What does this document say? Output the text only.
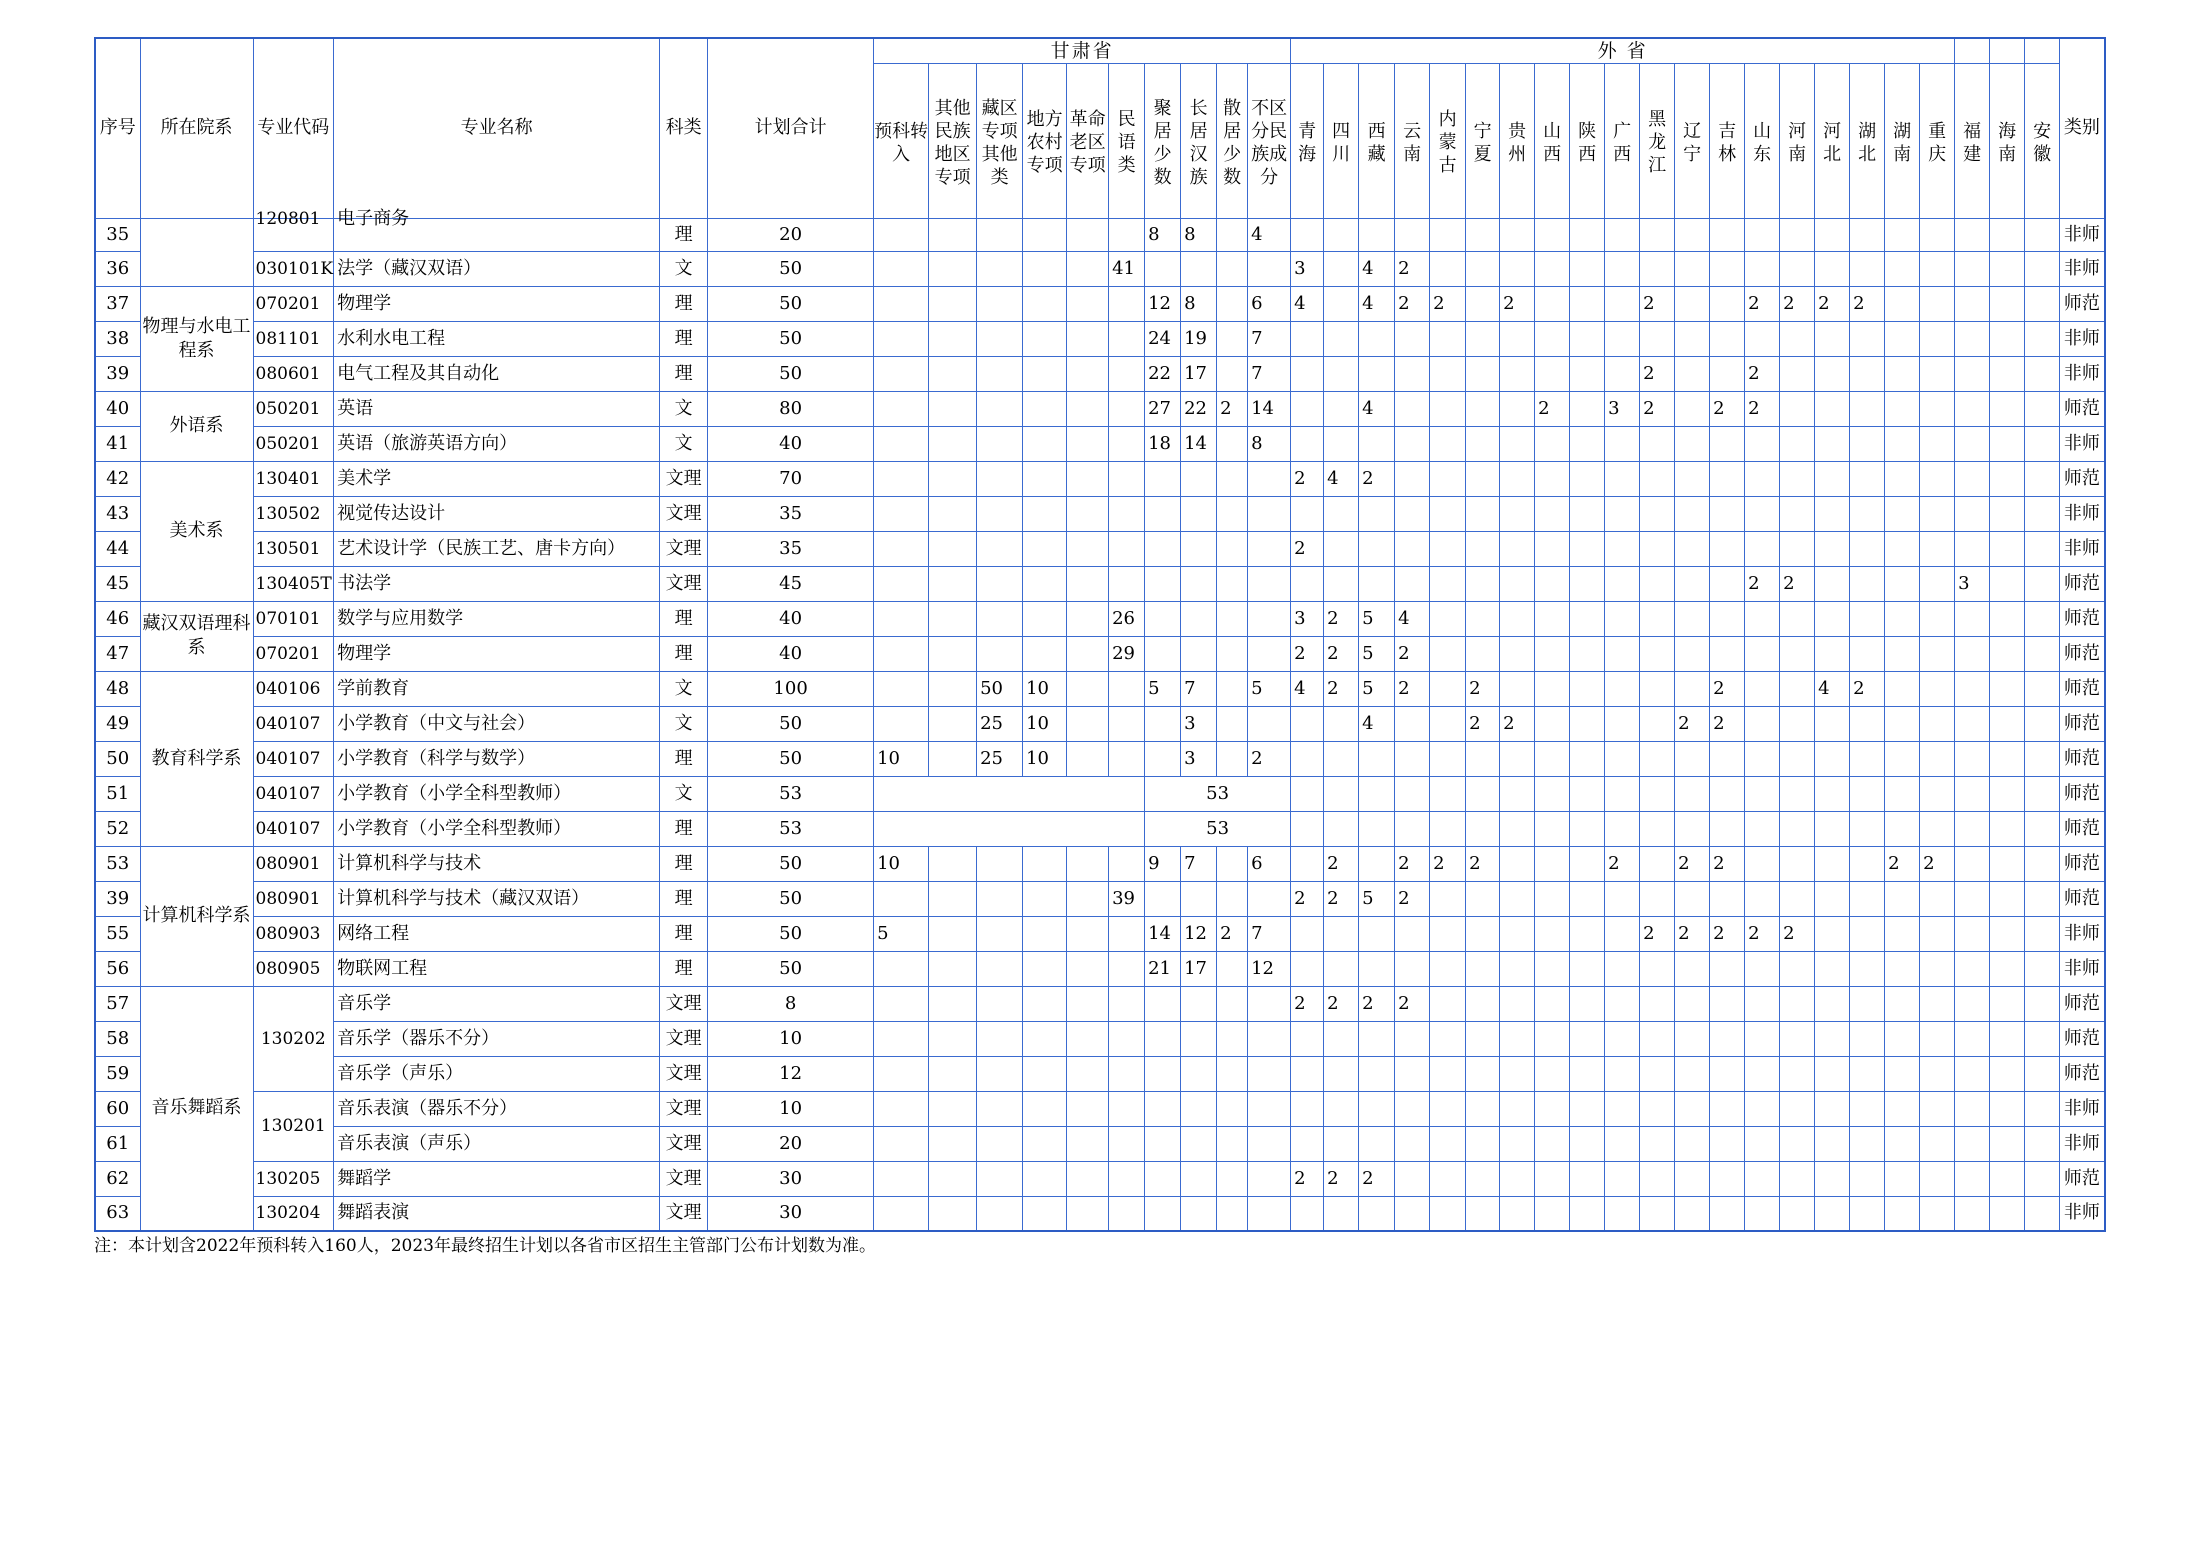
序号	所在院系	专业代码	专业名称	科类	计划合计	甘肃省										外 省																						类别
						预科转入	其他民族地区专项	藏区专项其他类	地方农村专项	革命老区专项	民语类	聚居少数	长居汉族	散居少数	不区分民族成分	青海	四川	西藏	云南	内蒙古	宁夏	贵州	山西	陕西	广西	黑龙江	辽宁	吉林	山东	河南	河北	湖北	湖南	重庆	福建	海南	安徽	
35		120801	电子商务	理	20							8	8		4																							非师
36		030101K	法学（藏汉双语）	文	50						41					3		4	2																			非师
37	物理与水电工程系	070201	物理学	理	50							12	8		6	4		4	2	2		2				2			2	2	2	2						师范
38		081101	水利水电工程	理	50							24	19		7																							非师
39		080601	电气工程及其自动化	理	50							22	17		7											2			2									非师
40	外语系	050201	英语	文	80							27	22	2	14			4					2		3	2		2	2									师范
41		050201	英语（旅游英语方向）	文	40							18	14		8																							非师
42	美术系	130401	美术学	文理	70											2	4	2																				师范
43		130502	视觉传达设计	文理	35																																	非师
44		130501	艺术设计学（民族工艺、唐卡方向）	文理	35											2																						非师
45		130405T	书法学	文理	45																								2	2					3			师范
46	藏汉双语理科系	070101	数学与应用数学	理	40						26					3	2	5	4																			师范
47		070201	物理学	理	40						29					2	2	5	2																			师范
48	教育科学系	040106	学前教育	文	100			50	10			5	7		5	4	2	5	2		2							2			4	2						师范
49		040107	小学教育（中文与社会）	文	50			25	10				3					4			2	2					2	2										师范
50		040107	小学教育（科学与数学）	理	50	10		25	10				3		2																							师范
51		040107	小学教育（小学全科型教师）	文	53							53																										师范
52		040107	小学教育（小学全科型教师）	理	53							53																										师范
53	计算机科学系	080901	计算机科学与技术	理	50	10						9	7		6		2		2	2	2				2		2	2					2	2				师范
39		080901	计算机科学与技术（藏汉双语）	理	50						39					2	2	5	2																			师范
55		080903	网络工程	理	50	5						14	12	2	7											2	2	2	2	2								非师
56		080905	物联网工程	理	50							21	17		12																							非师
57	音乐舞蹈系	130202	音乐学	文理	8											2	2	2	2																			师范
58			音乐学（器乐不分）	文理	10																																	师范
59			音乐学（声乐）	文理	12																																	师范
60		130201	音乐表演（器乐不分）	文理	10																																	非师
61			音乐表演（声乐）	文理	20																																	非师
62		130205	舞蹈学	文理	30											2	2	2																				师范
63		130204	舞蹈表演	文理	30																																	非师
注：本计划含2022年预科转入160人，2023年最终招生计划以各省市区招生主管部门公布计划数为准。
